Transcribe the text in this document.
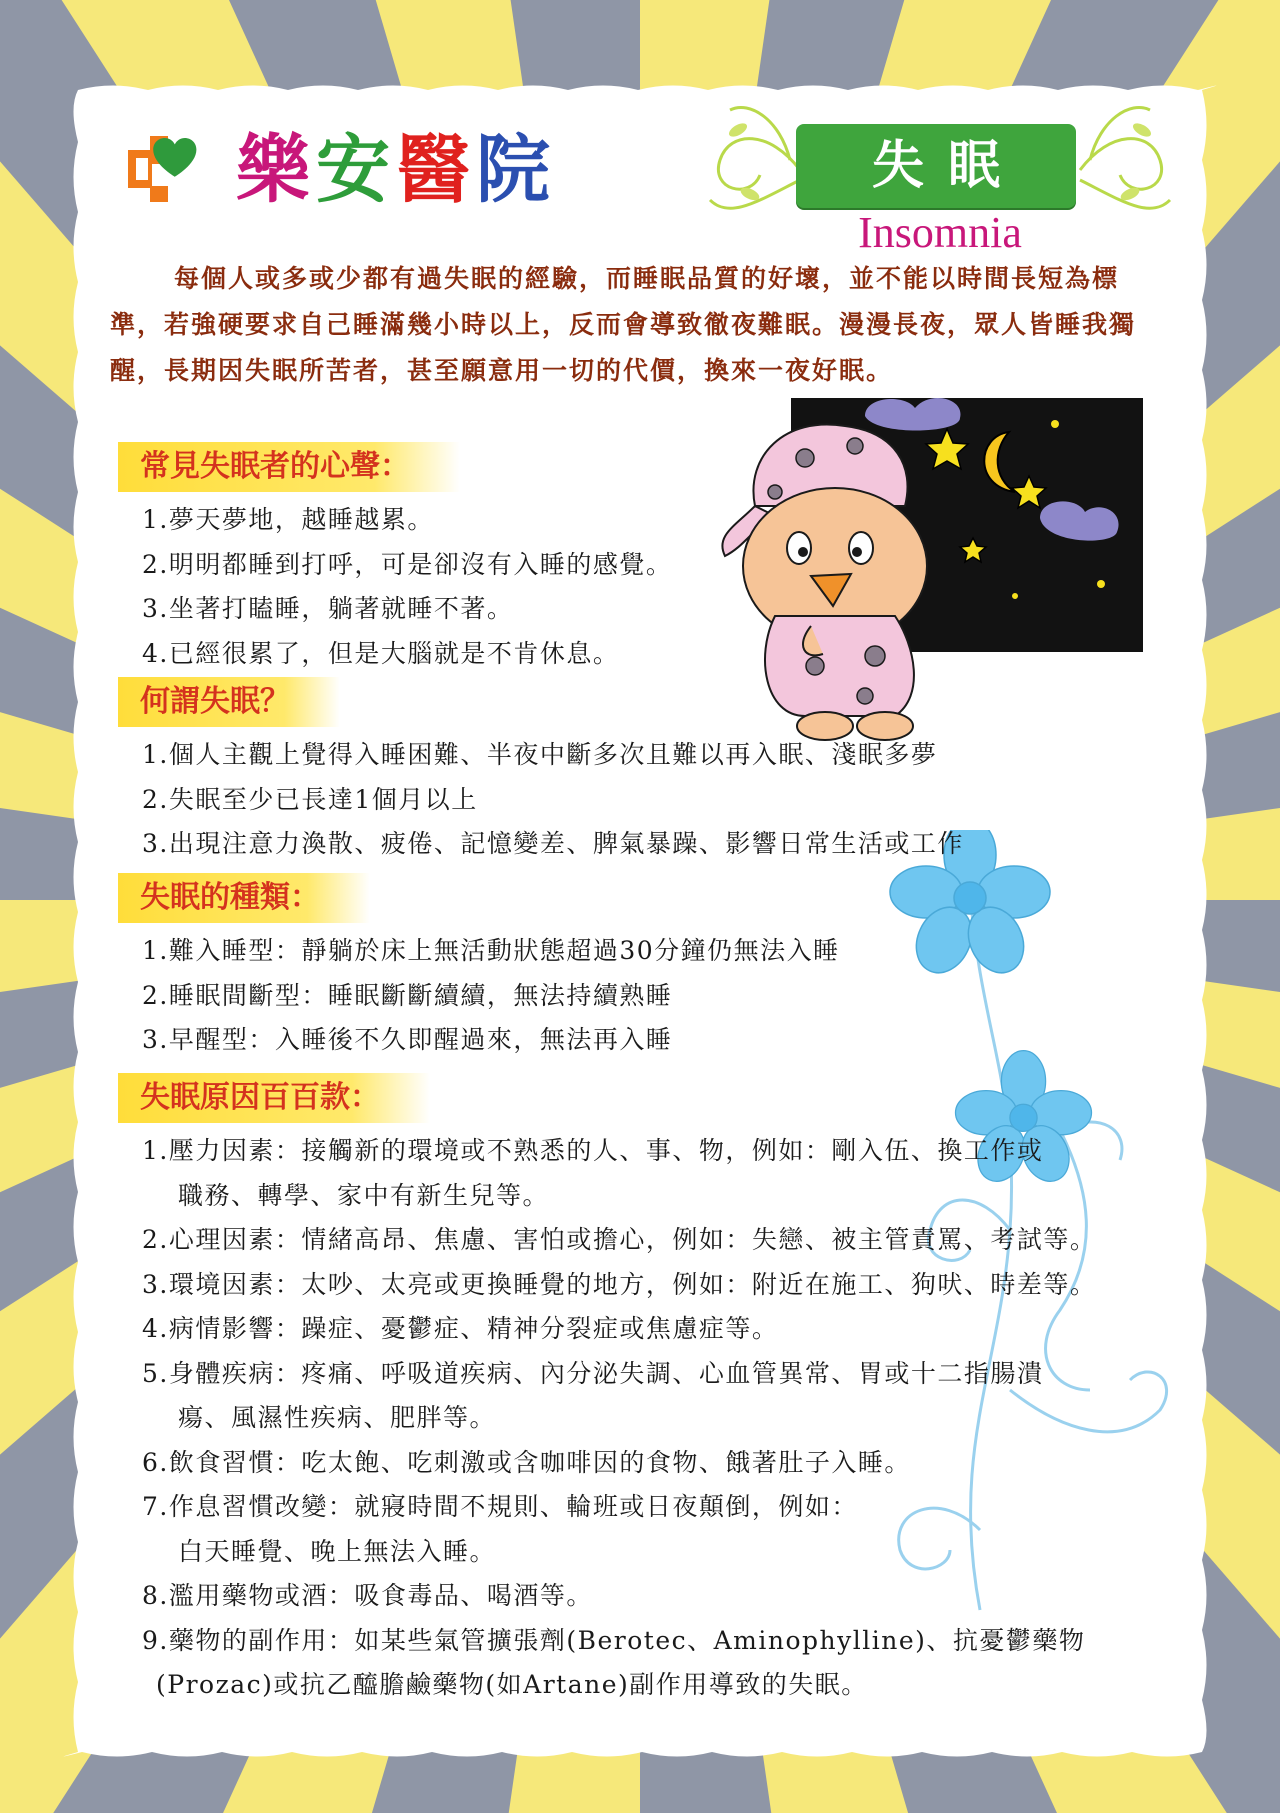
樂安醫院	失眠
Insomnia

每個人或多或少都有過失眠的經驗，而睡眠品質的好壞，並不能以時間長短為標準，若強硬要求自己睡滿幾小時以上，反而會導致徹夜難眠。漫漫長夜，眾人皆睡我獨醒，長期因失眠所苦者，甚至願意用一切的代價，換來一夜好眠。

常見失眠者的心聲：
1.夢天夢地，越睡越累。
2.明明都睡到打呼，可是卻沒有入睡的感覺。
3.坐著打瞌睡，躺著就睡不著。
4.已經很累了，但是大腦就是不肯休息。
何謂失眠？
1.個人主觀上覺得入睡困難、半夜中斷多次且難以再入眠、淺眠多夢
2.失眠至少已長達1個月以上
3.出現注意力渙散、疲倦、記憶變差、脾氣暴躁、影響日常生活或工作
失眠的種類：
1.難入睡型：靜躺於床上無活動狀態超過30分鐘仍無法入睡
2.睡眠間斷型：睡眠斷斷續續，無法持續熟睡
3.早醒型：入睡後不久即醒過來，無法再入睡
失眠原因百百款：
1.壓力因素：接觸新的環境或不熟悉的人、事、物，例如：剛入伍、換工作或
職務、轉學、家中有新生兒等。
2.心理因素：情緒高昂、焦慮、害怕或擔心，例如：失戀、被主管責罵、考試等。
3.環境因素：太吵、太亮或更換睡覺的地方，例如：附近在施工、狗吠、時差等。
4.病情影響：躁症、憂鬱症、精神分裂症或焦慮症等。
5.身體疾病：疼痛、呼吸道疾病、內分泌失調、心血管異常、胃或十二指腸潰
瘍、風濕性疾病、肥胖等。
6.飲食習慣：吃太飽、吃刺激或含咖啡因的食物、餓著肚子入睡。
7.作息習慣改變：就寢時間不規則、輪班或日夜顛倒，例如：
白天睡覺、晚上無法入睡。
8.濫用藥物或酒：吸食毒品、喝酒等。
9.藥物的副作用：如某些氣管擴張劑(Berotec、Aminophylline)、抗憂鬱藥物
(Prozac)或抗乙醯膽鹼藥物(如Artane)副作用導致的失眠。
